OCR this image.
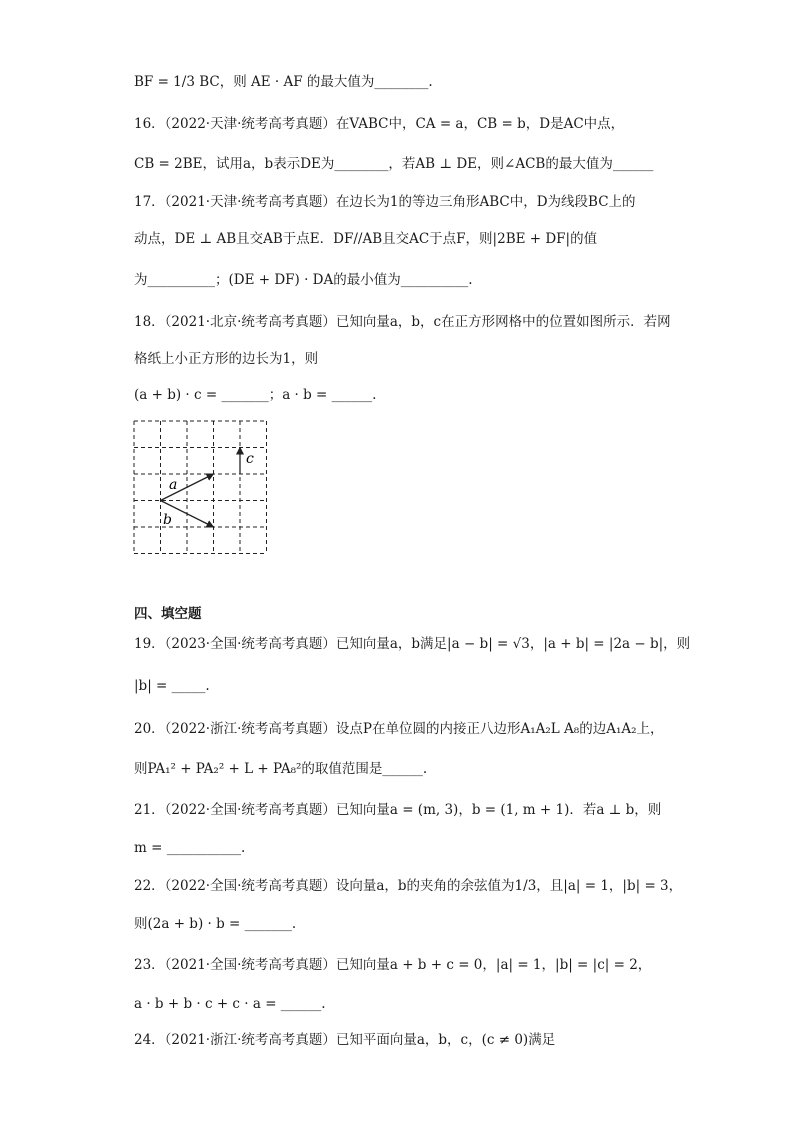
BF = 1/3 BC，则 AE · AF 的最大值为________.
16．（2022·天津·统考高考真题）在VABC中，CA = a，CB = b，D是AC中点，
CB = 2BE，试用a，b表示DE为________，若AB ⊥ DE，则∠ACB的最大值为______
17．（2021·天津·统考高考真题）在边长为1的等边三角形ABC中，D为线段BC上的
动点，DE ⊥ AB且交AB于点E．DF//AB且交AC于点F，则|2BE + DF|的值
为__________；(DE + DF) · DA的最小值为__________.
18．（2021·北京·统考高考真题）已知向量a，b，c在正方形网格中的位置如图所示．若网
格纸上小正方形的边长为1，则
(a + b) · c = _______；a · b = ______.
a
b
c
四、填空题
19．（2023·全国·统考高考真题）已知向量a，b满足|a − b| = √3，|a + b| = |2a − b|，则
|b| = _____.
20．（2022·浙江·统考高考真题）设点P在单位圆的内接正八边形A₁A₂L A₈的边A₁A₂上，
则PA₁² + PA₂² + L + PA₈²的取值范围是______.
21．（2022·全国·统考高考真题）已知向量a = (m, 3)，b = (1, m + 1)．若a ⊥ b，则
m = ___________.
22．（2022·全国·统考高考真题）设向量a，b的夹角的余弦值为1/3，且|a| = 1，|b| = 3，
则(2a + b) · b = _______.
23．（2021·全国·统考高考真题）已知向量a + b + c = 0，|a| = 1，|b| = |c| = 2，
a · b + b · c + c · a = ______.
24．（2021·浙江·统考高考真题）已知平面向量a，b，c，(c ≠ 0)满足
